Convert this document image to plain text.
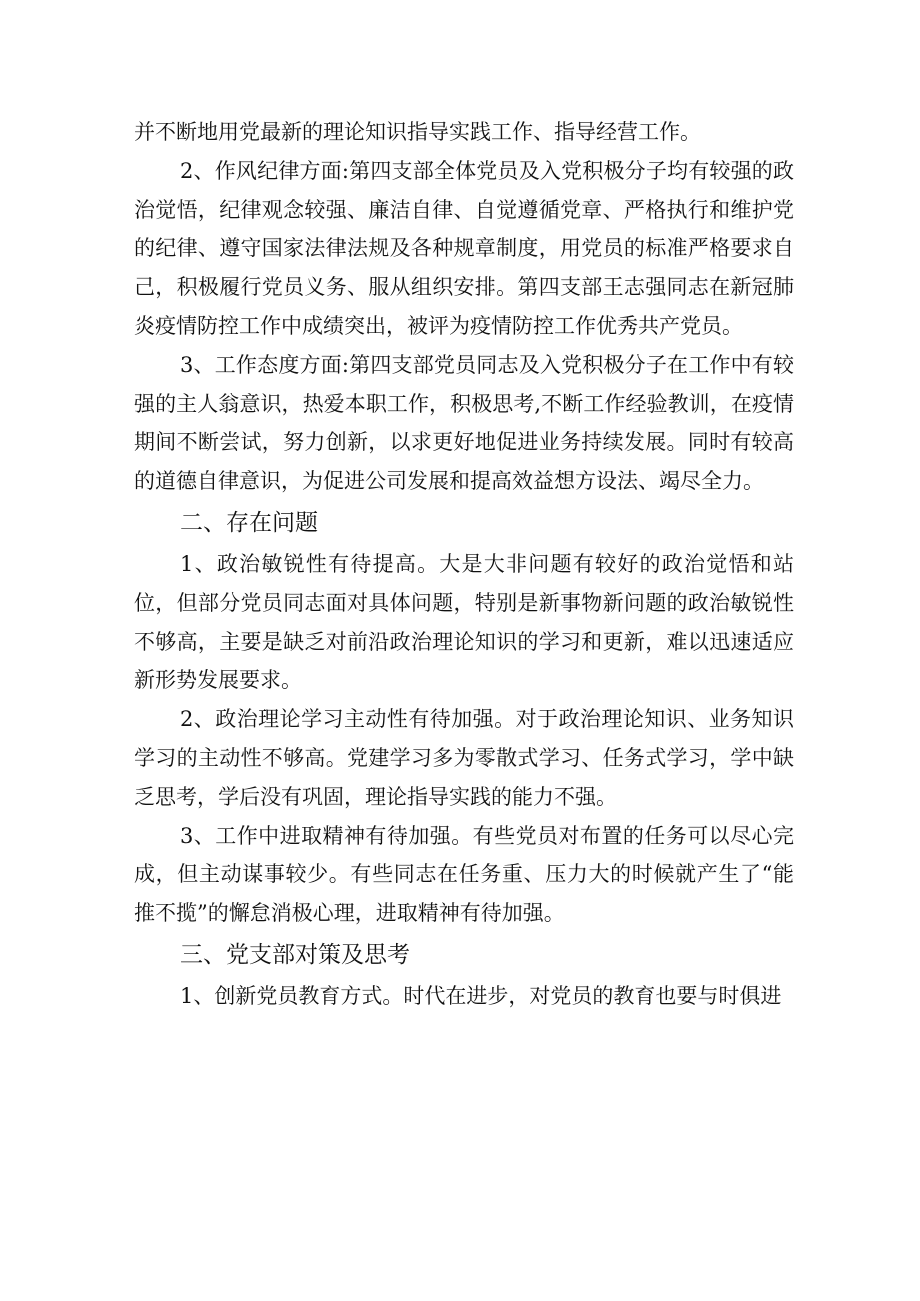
并不断地用党最新的理论知识指导实践工作、指导经营工作。

2、作风纪律方面:第四支部全体党员及入党积极分子均有较强的政治觉悟，纪律观念较强、廉洁自律、自觉遵循党章、严格执行和维护党的纪律、遵守国家法律法规及各种规章制度，用党员的标准严格要求自己，积极履行党员义务、服从组织安排。第四支部王志强同志在新冠肺炎疫情防控工作中成绩突出，被评为疫情防控工作优秀共产党员。

3、工作态度方面:第四支部党员同志及入党积极分子在工作中有较强的主人翁意识，热爱本职工作，积极思考,不断工作经验教训，在疫情期间不断尝试，努力创新，以求更好地促进业务持续发展。同时有较高的道德自律意识，为促进公司发展和提高效益想方设法、竭尽全力。

二、存在问题

1、政治敏锐性有待提高。大是大非问题有较好的政治觉悟和站位，但部分党员同志面对具体问题，特别是新事物新问题的政治敏锐性不够高，主要是缺乏对前沿政治理论知识的学习和更新，难以迅速适应新形势发展要求。

2、政治理论学习主动性有待加强。对于政治理论知识、业务知识学习的主动性不够高。党建学习多为零散式学习、任务式学习，学中缺乏思考，学后没有巩固，理论指导实践的能力不强。

3、工作中进取精神有待加强。有些党员对布置的任务可以尽心完成，但主动谋事较少。有些同志在任务重、压力大的时候就产生了“能推不揽”的懈怠消极心理，进取精神有待加强。

三、党支部对策及思考

1、创新党员教育方式。时代在进步，对党员的教育也要与时俱进
